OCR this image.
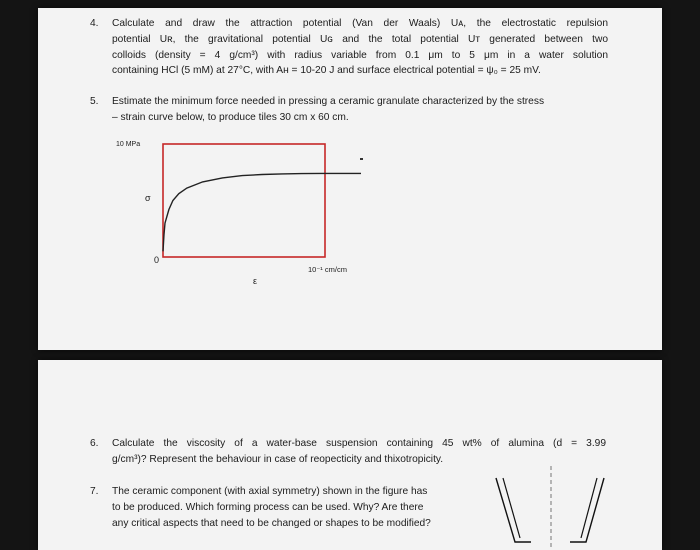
4. Calculate and draw the attraction potential (Van der Waals) Uᴀ, the electrostatic repulsion
potential Uʀ, the gravitational potential Uɢ and the total potential Uᴛ generated between two
colloids (density = 4 g/cm³) with radius variable from 0.1 μm to 5 μm in a water solution
containing HCl (5 mM) at 27°C, with Aʜ = 10-20 J and surface electrical potential = ψ₀ = 25 mV.
5. Estimate the minimum force needed in pressing a ceramic granulate characterized by the stress
– strain curve below, to produce tiles 30 cm x 60 cm.
10 MPa
σ
0
10⁻¹ cm/cm
ε
6. Calculate the viscosity of a water-base suspension containing 45 wt% of alumina (d = 3.99
g/cm³)? Represent the behaviour in case of reopecticity and thixotropicity.
7. The ceramic component (with axial symmetry) shown in the figure has
to be produced. Which forming process can be used. Why? Are there
any critical aspects that need to be changed or shapes to be modified?
